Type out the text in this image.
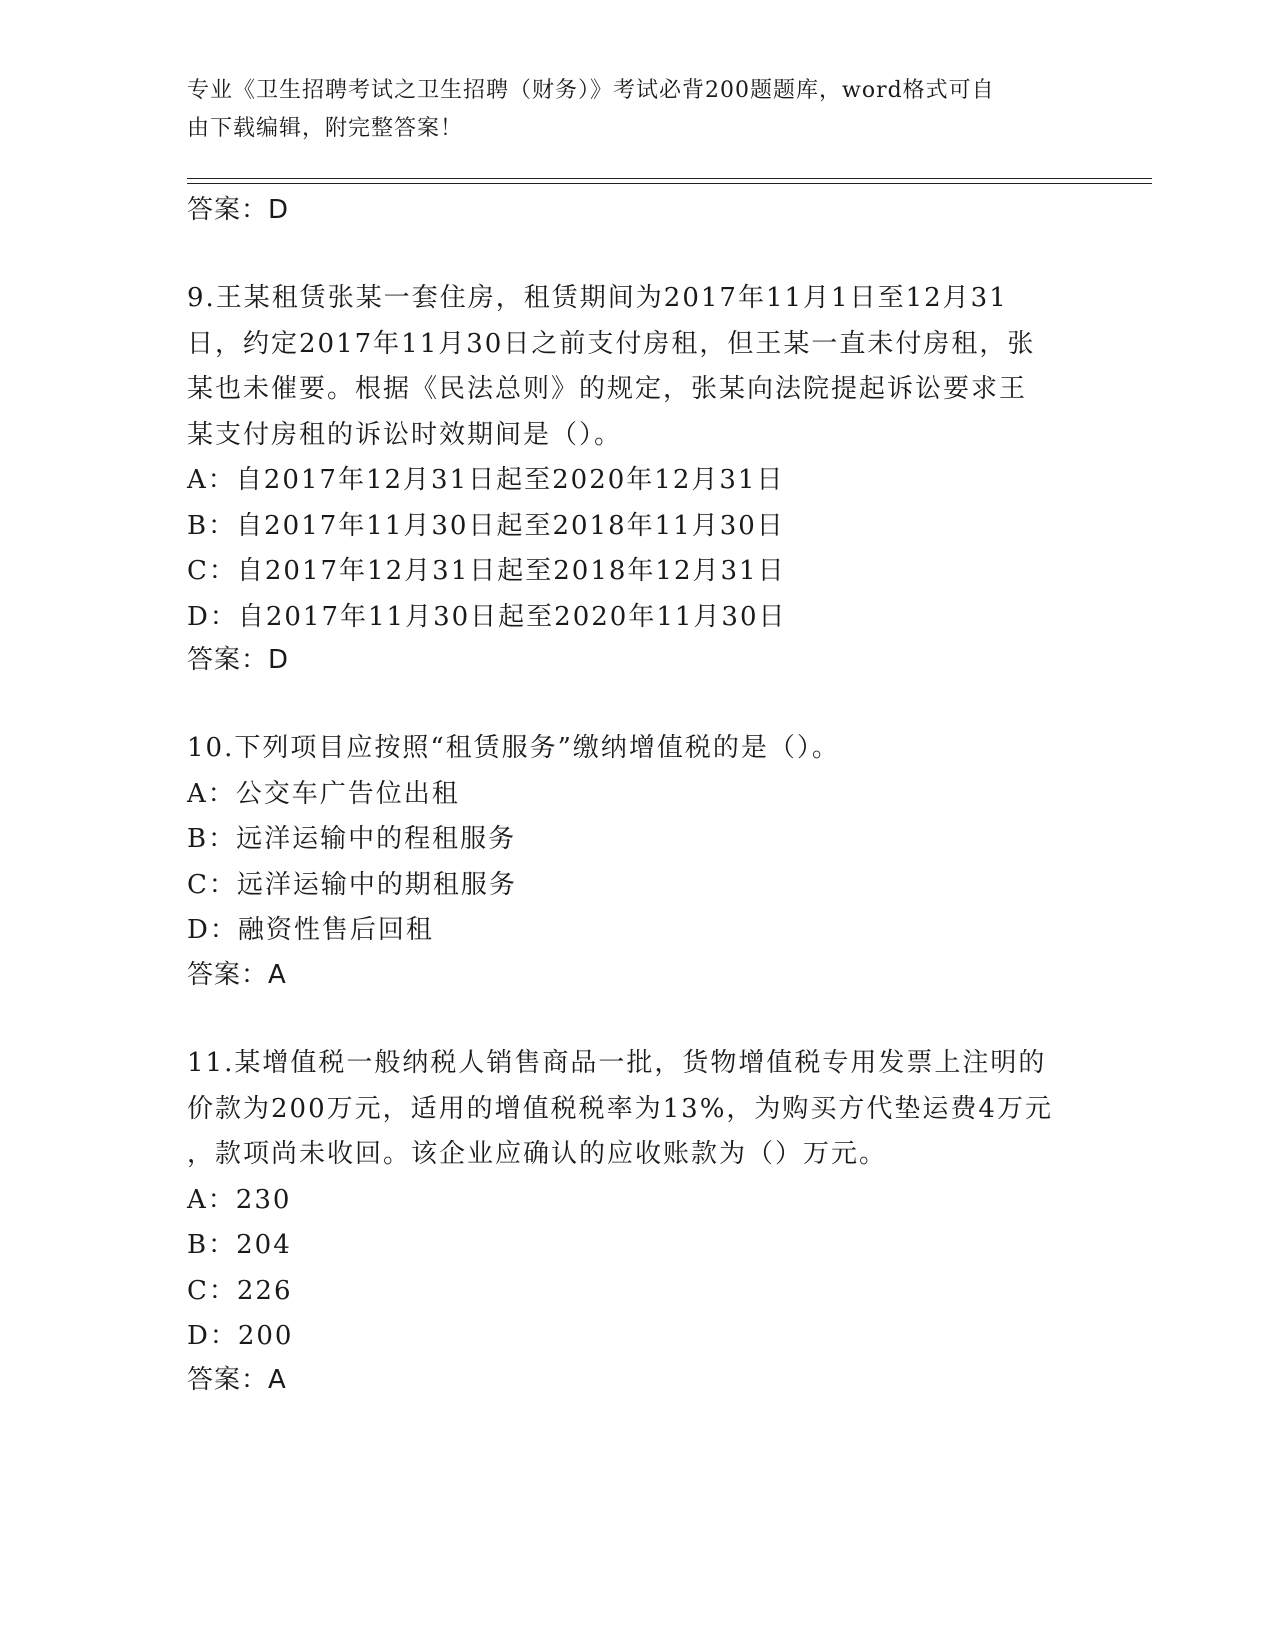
专业《卫生招聘考试之卫生招聘（财务）》考试必背200题题库，word格式可自
由下载编辑，附完整答案！
答案：D

9.王某租赁张某一套住房，租赁期间为2017年11月1日至12月31

日，约定2017年11月30日之前支付房租，但王某一直未付房租，张

某也未催要。根据《民法总则》的规定，张某向法院提起诉讼要求王

某支付房租的诉讼时效期间是（）。

A：自2017年12月31日起至2020年12月31日

B：自2017年11月30日起至2018年11月30日

C：自2017年12月31日起至2018年12月31日

D：自2017年11月30日起至2020年11月30日

答案：D

10.下列项目应按照“租赁服务”缴纳增值税的是（）。

A：公交车广告位出租

B：远洋运输中的程租服务

C：远洋运输中的期租服务

D：融资性售后回租

答案：A

11.某增值税一般纳税人销售商品一批，货物增值税专用发票上注明的

价款为200万元，适用的增值税税率为13%，为购买方代垫运费4万元

，款项尚未收回。该企业应确认的应收账款为（）万元。

A：230

B：204

C：226

D：200

答案：A
